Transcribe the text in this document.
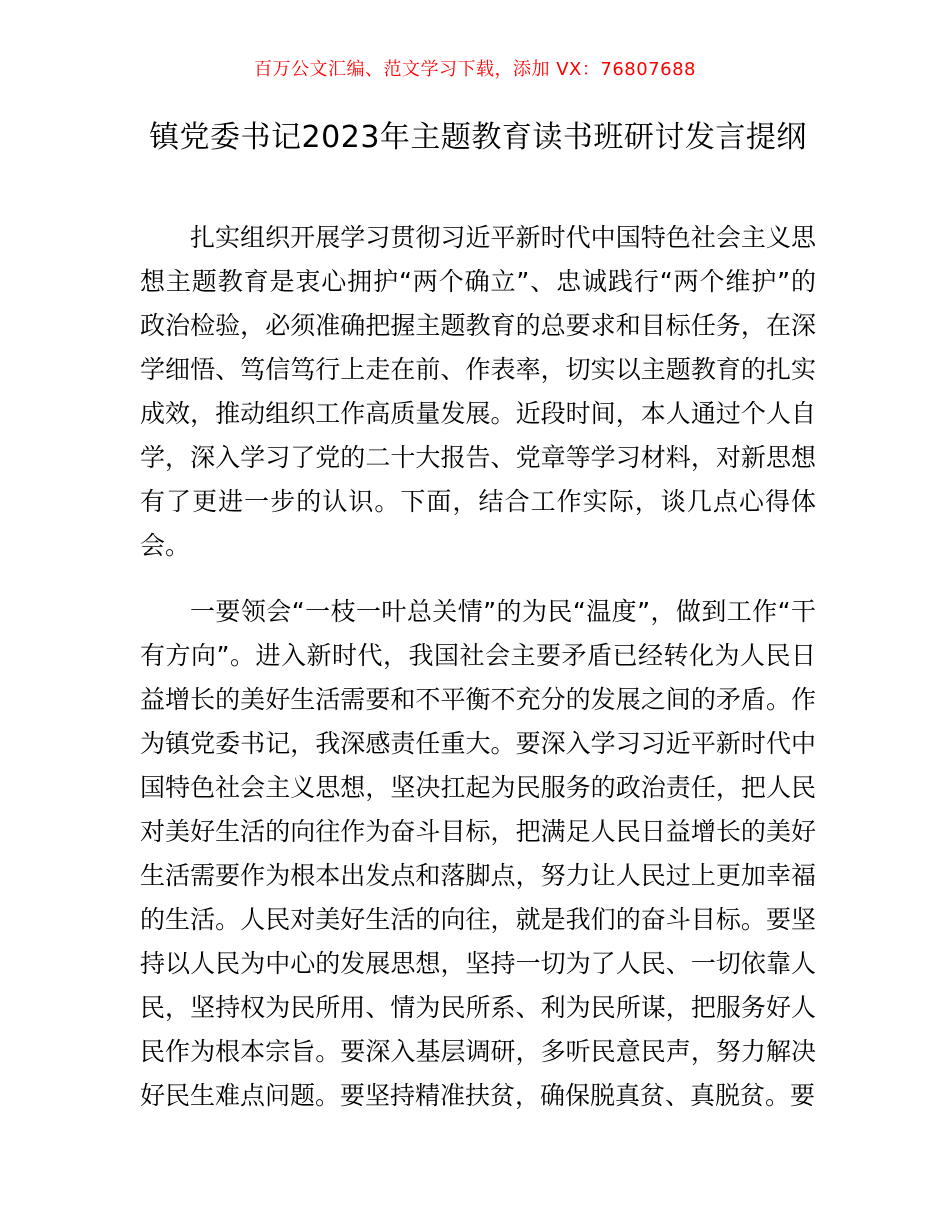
百万公文汇编、范文学习下载，添加 VX：76807688
镇党委书记2023年主题教育读书班研讨发言提纲

扎实组织开展学习贯彻习近平新时代中国特色社会主义思想主题教育是衷心拥护“两个确立”、忠诚践行“两个维护”的政治检验，必须准确把握主题教育的总要求和目标任务，在深学细悟、笃信笃行上走在前、作表率，切实以主题教育的扎实成效，推动组织工作高质量发展。近段时间，本人通过个人自学，深入学习了党的二十大报告、党章等学习材料，对新思想有了更进一步的认识。下面，结合工作实际，谈几点心得体会。

一要领会“一枝一叶总关情”的为民“温度”，做到工作“干有方向”。进入新时代，我国社会主要矛盾已经转化为人民日益增长的美好生活需要和不平衡不充分的发展之间的矛盾。作为镇党委书记，我深感责任重大。要深入学习习近平新时代中国特色社会主义思想，坚决扛起为民服务的政治责任，把人民对美好生活的向往作为奋斗目标，把满足人民日益增长的美好生活需要作为根本出发点和落脚点，努力让人民过上更加幸福的生活。人民对美好生活的向往，就是我们的奋斗目标。要坚持以人民为中心的发展思想，坚持一切为了人民、一切依靠人民，坚持权为民所用、情为民所系、利为民所谋，把服务好人民作为根本宗旨。要深入基层调研，多听民意民声，努力解决好民生难点问题。要坚持精准扶贫，确保脱真贫、真脱贫。要
